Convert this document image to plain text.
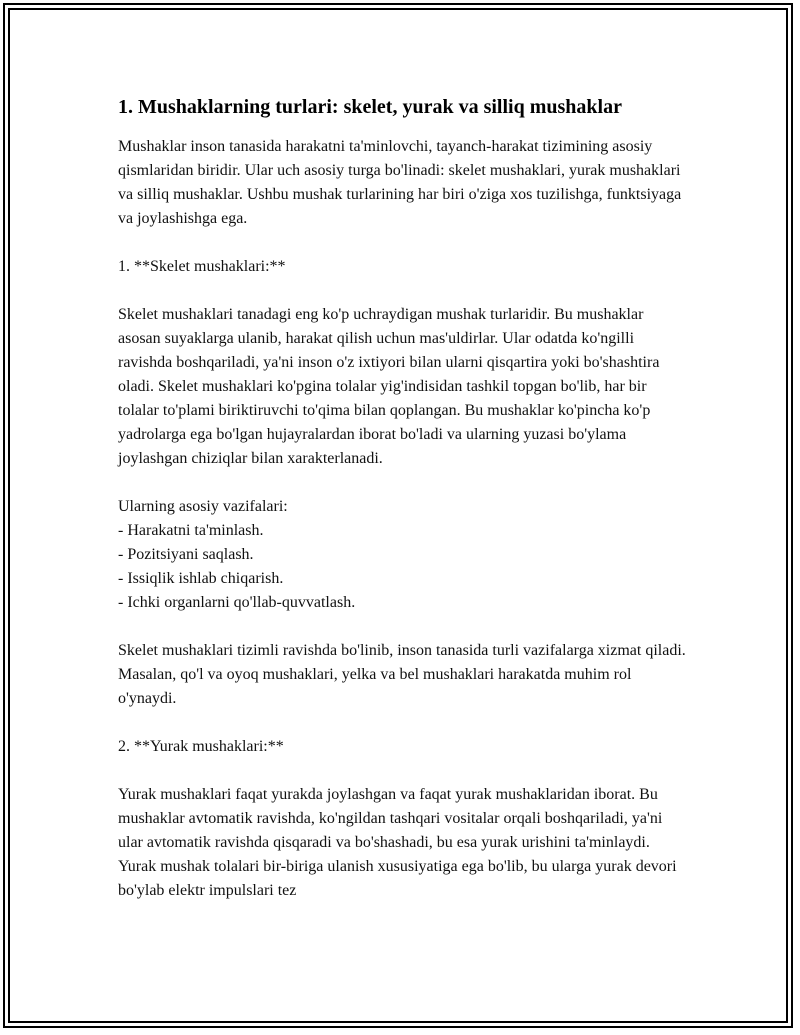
1. Mushaklarning turlari: skelet, yurak va silliq mushaklar

Mushaklar inson tanasida harakatni ta'minlovchi, tayanch-harakat tizimining asosiy qismlaridan biridir. Ular uch asosiy turga bo'linadi: skelet mushaklari, yurak mushaklari va silliq mushaklar. Ushbu mushak turlarining har biri o'ziga xos tuzilishga, funktsiyaga va joylashishga ega.

1. **Skelet mushaklari:**

Skelet mushaklari tanadagi eng ko'p uchraydigan mushak turlaridir. Bu mushaklar asosan suyaklarga ulanib, harakat qilish uchun mas'uldirlar. Ular odatda ko'ngilli ravishda boshqariladi, ya'ni inson o'z ixtiyori bilan ularni qisqartira yoki bo'shashtira oladi. Skelet mushaklari ko'pgina tolalar yig'indisidan tashkil topgan bo'lib, har bir tolalar to'plami biriktiruvchi to'qima bilan qoplangan. Bu mushaklar ko'pincha ko'p yadrolarga ega bo'lgan hujayralardan iborat bo'ladi va ularning yuzasi bo'ylama joylashgan chiziqlar bilan xarakterlanadi.

Ularning asosiy vazifalari:
- Harakatni ta'minlash.
- Pozitsiyani saqlash.
- Issiqlik ishlab chiqarish.
- Ichki organlarni qo'llab-quvvatlash.

Skelet mushaklari tizimli ravishda bo'linib, inson tanasida turli vazifalarga xizmat qiladi. Masalan, qo'l va oyoq mushaklari, yelka va bel mushaklari harakatda muhim rol o'ynaydi.

2. **Yurak mushaklari:**

Yurak mushaklari faqat yurakda joylashgan va faqat yurak mushaklaridan iborat. Bu mushaklar avtomatik ravishda, ko'ngildan tashqari vositalar orqali boshqariladi, ya'ni ular avtomatik ravishda qisqaradi va bo'shashadi, bu esa yurak urishini ta'minlaydi. Yurak mushak tolalari bir-biriga ulanish xususiyatiga ega bo'lib, bu ularga yurak devori bo'ylab elektr impulslari tez
